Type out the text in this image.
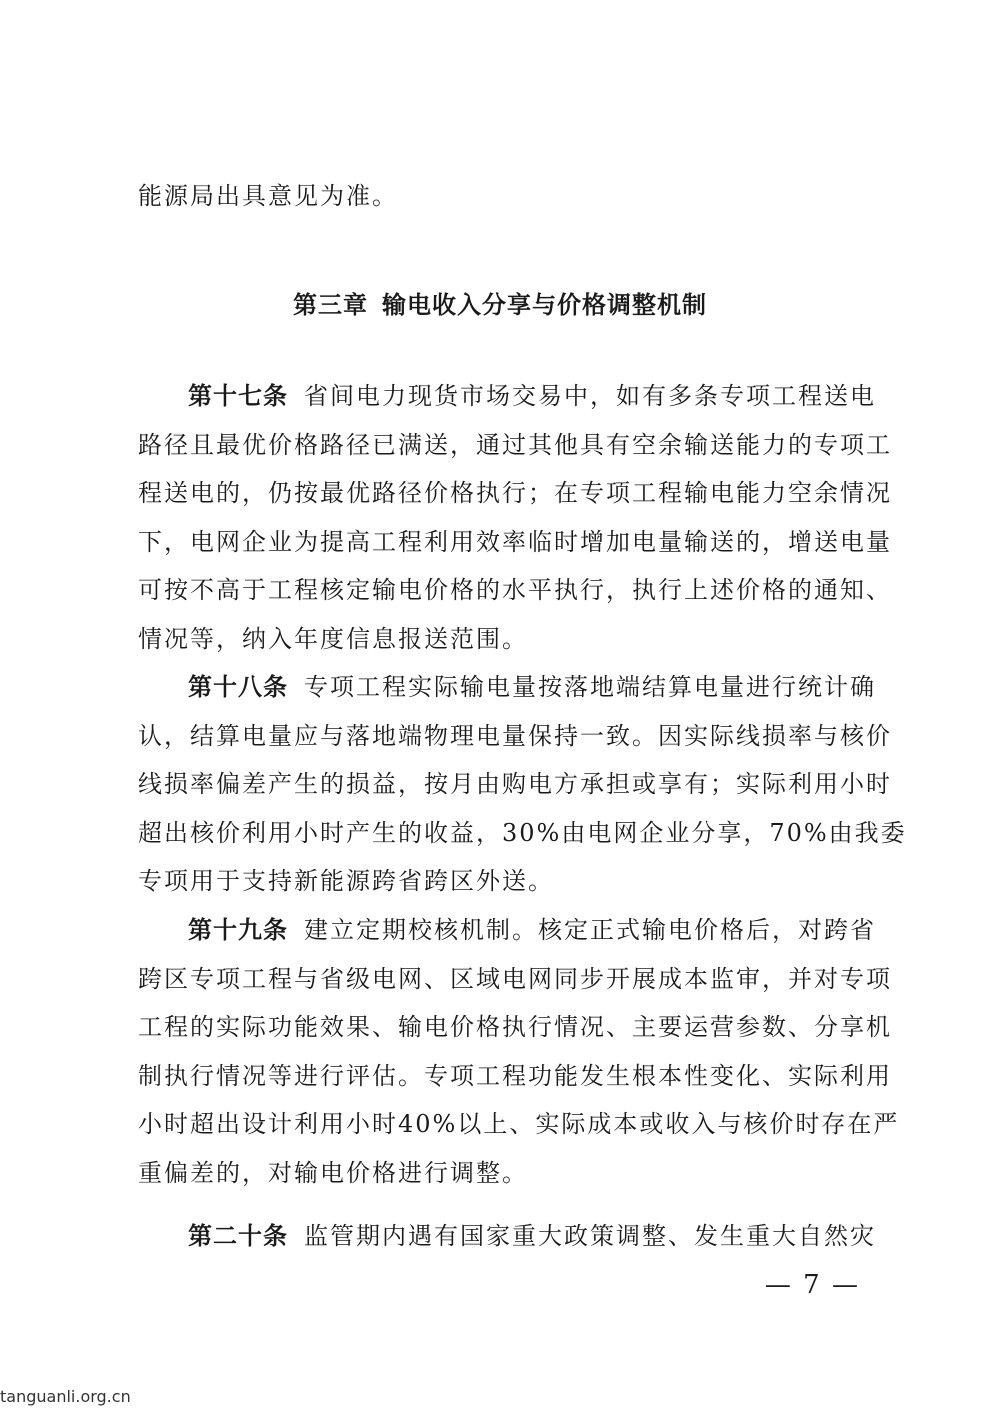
能源局出具意见为准。
第三章 输电收入分享与价格调整机制
第十七条 省间电力现货市场交易中，如有多条专项工程送电
路径且最优价格路径已满送，通过其他具有空余输送能力的专项工
程送电的，仍按最优路径价格执行；在专项工程输电能力空余情况
下，电网企业为提高工程利用效率临时增加电量输送的，增送电量
可按不高于工程核定输电价格的水平执行，执行上述价格的通知、
情况等，纳入年度信息报送范围。
第十八条 专项工程实际输电量按落地端结算电量进行统计确
认，结算电量应与落地端物理电量保持一致。因实际线损率与核价
线损率偏差产生的损益，按月由购电方承担或享有；实际利用小时
超出核价利用小时产生的收益，30%由电网企业分享，70%由我委
专项用于支持新能源跨省跨区外送。
第十九条 建立定期校核机制。核定正式输电价格后，对跨省
跨区专项工程与省级电网、区域电网同步开展成本监审，并对专项
工程的实际功能效果、输电价格执行情况、主要运营参数、分享机
制执行情况等进行评估。专项工程功能发生根本性变化、实际利用
小时超出设计利用小时40%以上、实际成本或收入与核价时存在严
重偏差的，对输电价格进行调整。
第二十条 监管期内遇有国家重大政策调整、发生重大自然灾
— 7 —
tanguanli.org.cn
